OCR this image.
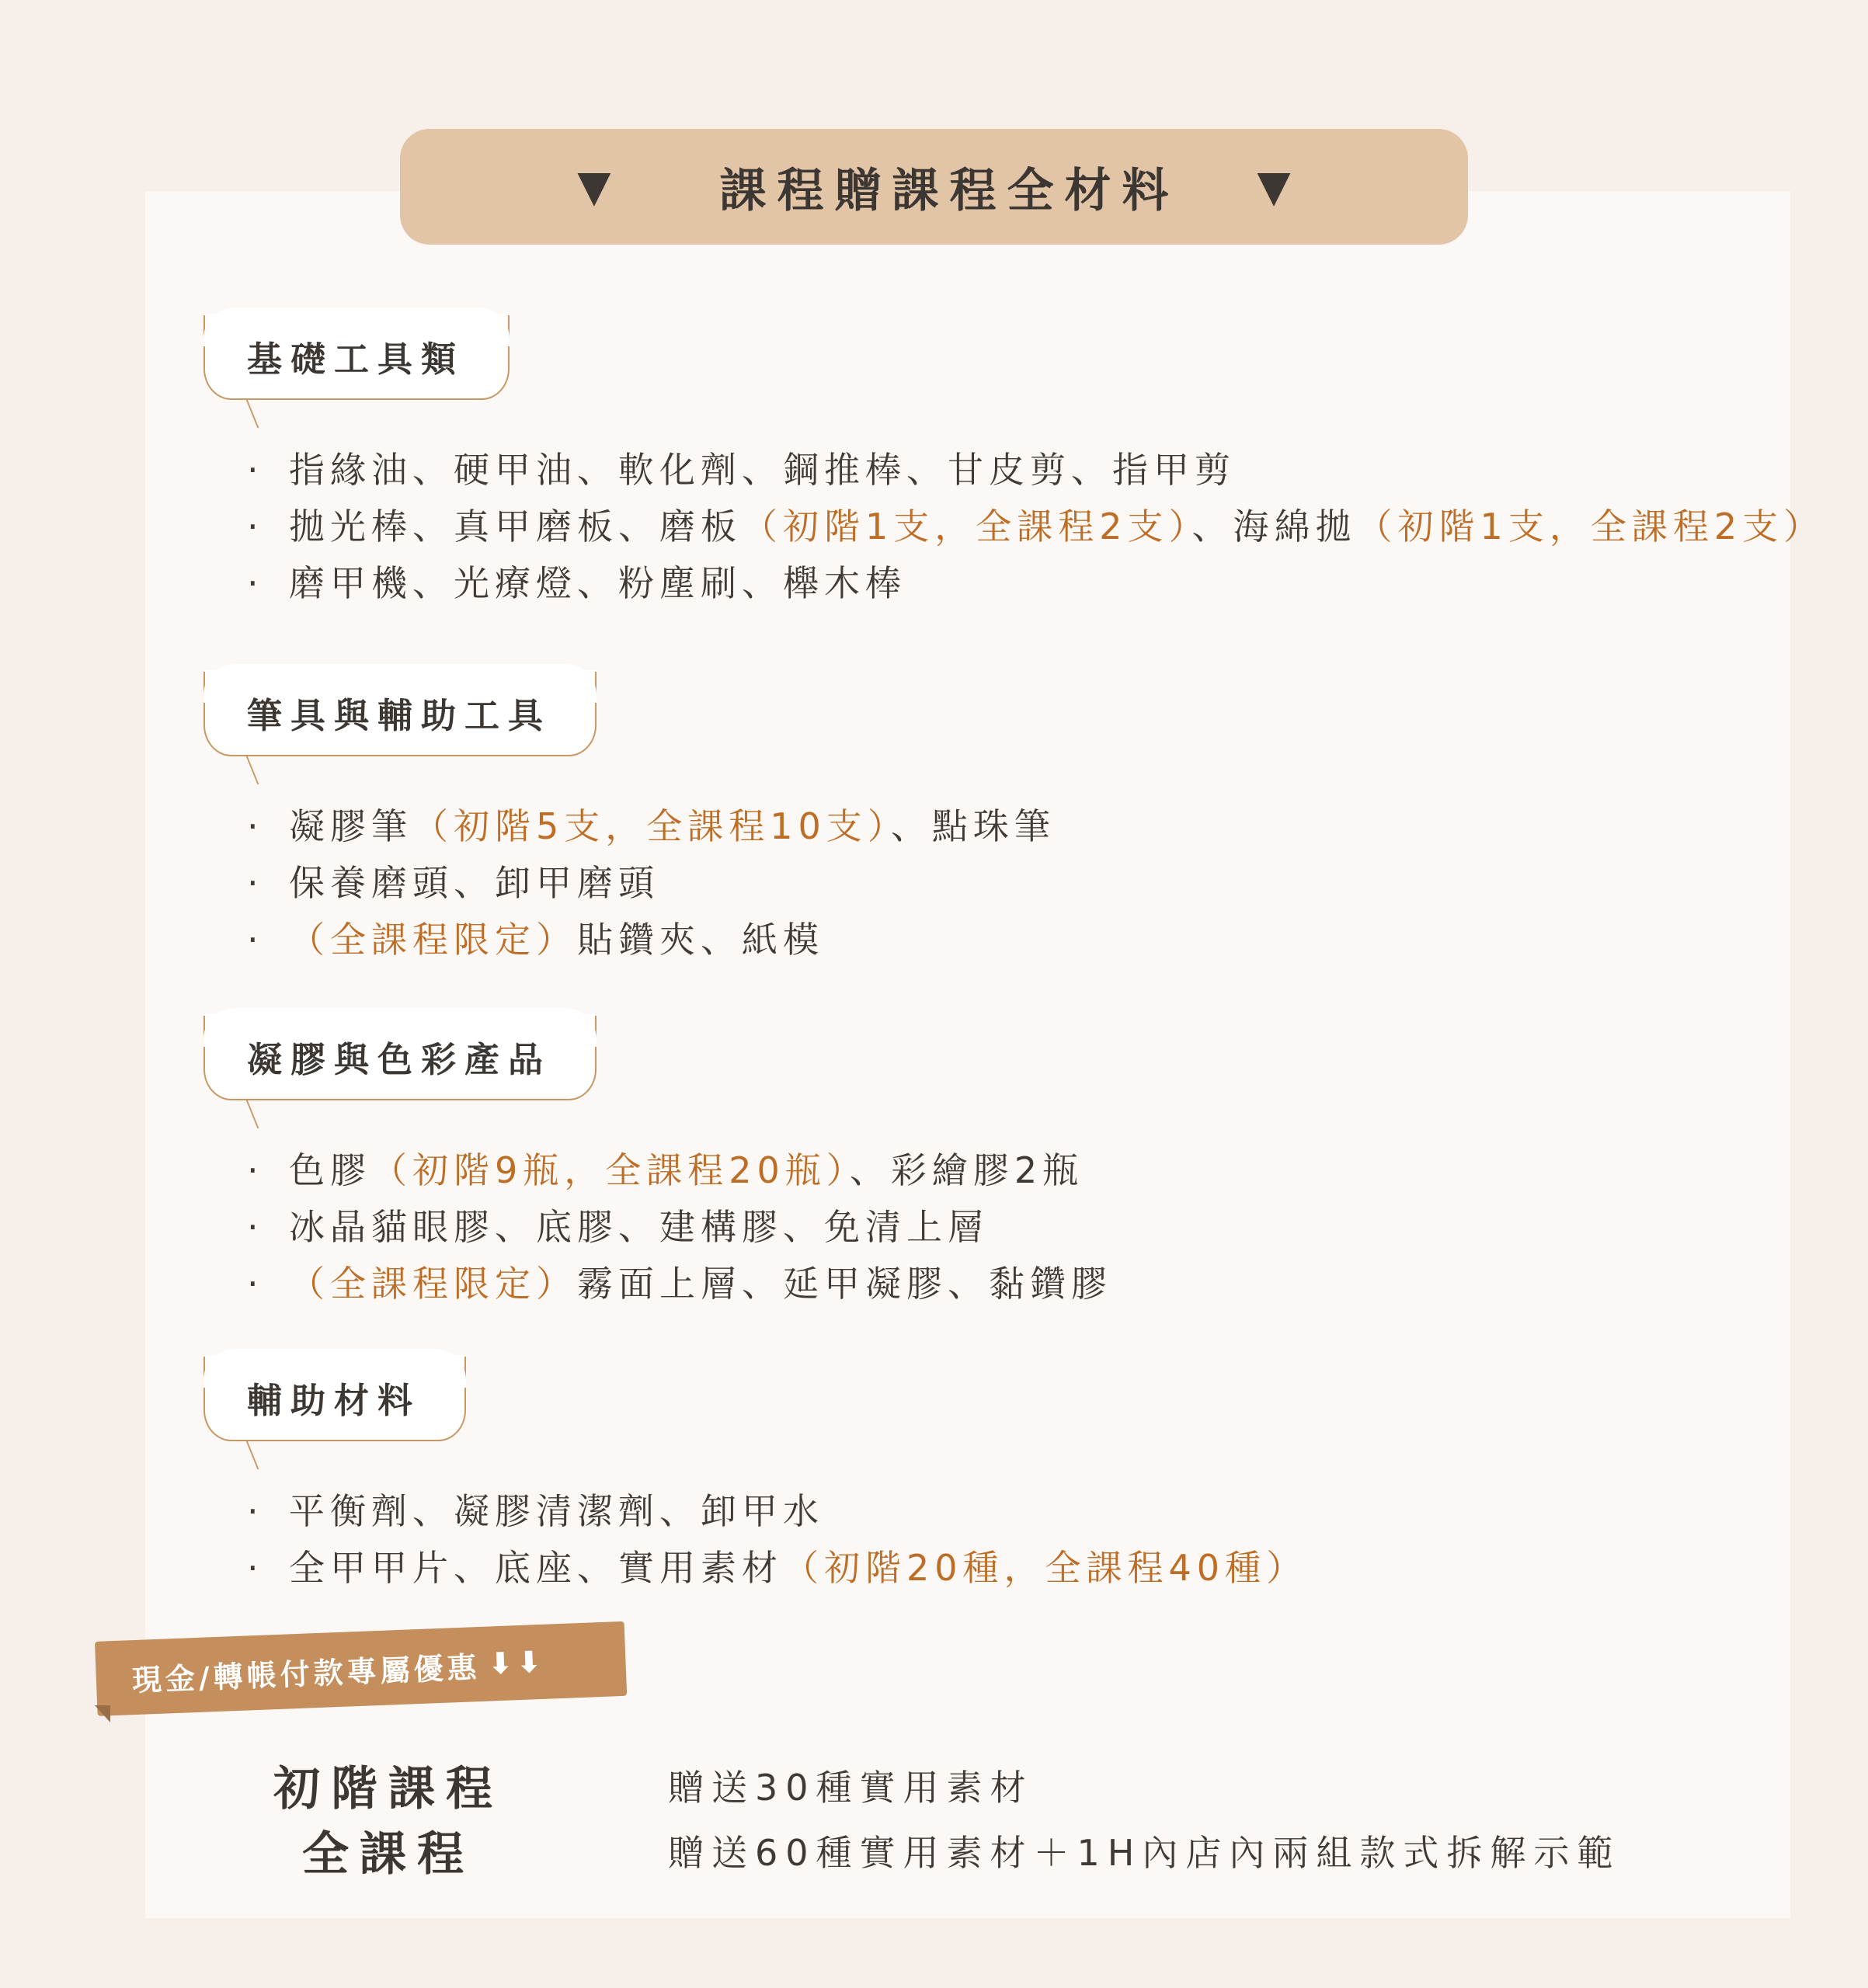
▼ 課程贈課程全材料 ▼
基礎工具類
· 指緣油、硬甲油、軟化劑、鋼推棒、甘皮剪、指甲剪
· 拋光棒、真甲磨板、磨板（初階1支，全課程2支）、海綿拋（初階1支，全課程2支）
· 磨甲機、光療燈、粉塵刷、櫸木棒
筆具與輔助工具
· 凝膠筆（初階5支，全課程10支）、點珠筆
· 保養磨頭、卸甲磨頭
· （全課程限定）貼鑽夾、紙模
凝膠與色彩產品
· 色膠（初階9瓶，全課程20瓶）、彩繪膠2瓶
· 冰晶貓眼膠、底膠、建構膠、免清上層
· （全課程限定）霧面上層、延甲凝膠、黏鑽膠
輔助材料
· 平衡劑、凝膠清潔劑、卸甲水
· 全甲甲片、底座、實用素材（初階20種，全課程40種）
現金/轉帳付款專屬優惠 ⬇⬇
初階課程	贈送30種實用素材
全課程	贈送60種實用素材＋1H內店內兩組款式拆解示範
